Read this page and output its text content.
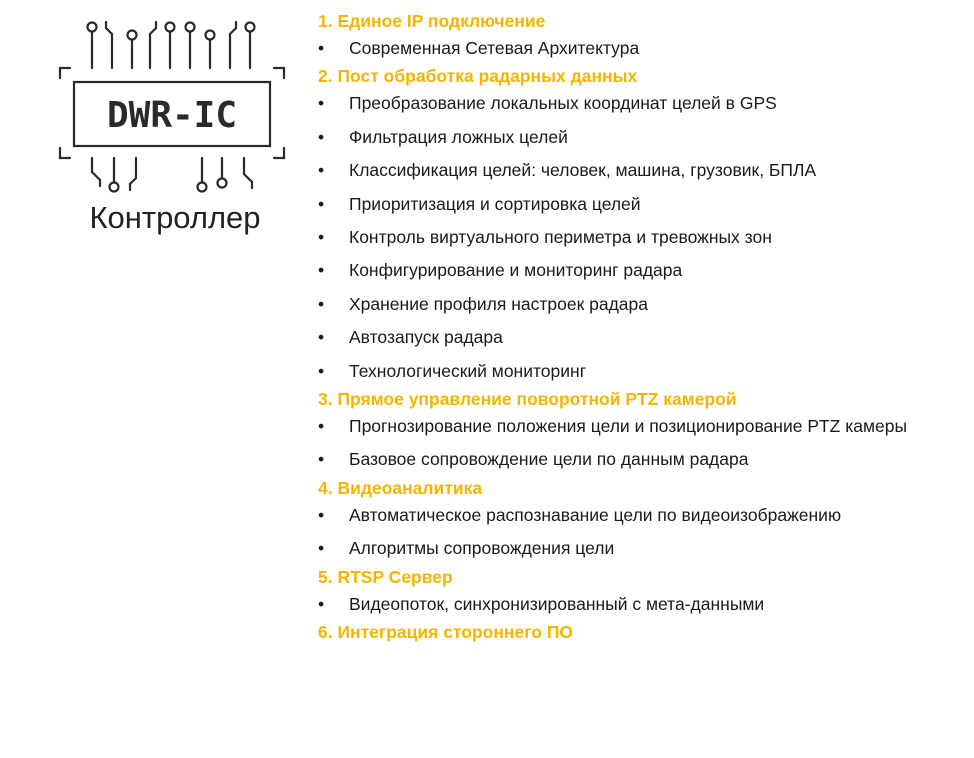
DWR-IC
Контроллер
1. Единое IP подключение
• Современная Сетевая Архитектура
2. Пост обработка радарных данных
• Преобразование локальных координат целей в GPS
• Фильтрация ложных целей
• Классификация целей: человек, машина, грузовик, БПЛА
• Приоритизация и сортировка целей
• Контроль виртуального периметра и тревожных зон
• Конфигурирование и мониторинг радара
• Хранение профиля настроек радара
• Автозапуск радара
• Технологический мониторинг
3. Прямое управление поворотной PTZ камерой
• Прогнозирование положения цели и позиционирование PTZ камеры
• Базовое сопровождение цели по данным радара
4. Видеоаналитика
• Автоматическое распознавание цели по видеоизображению
• Алгоритмы сопровождения цели
5. RTSP Сервер
• Видеопоток, синхронизированный с мета-данными
6. Интеграция стороннего ПО
